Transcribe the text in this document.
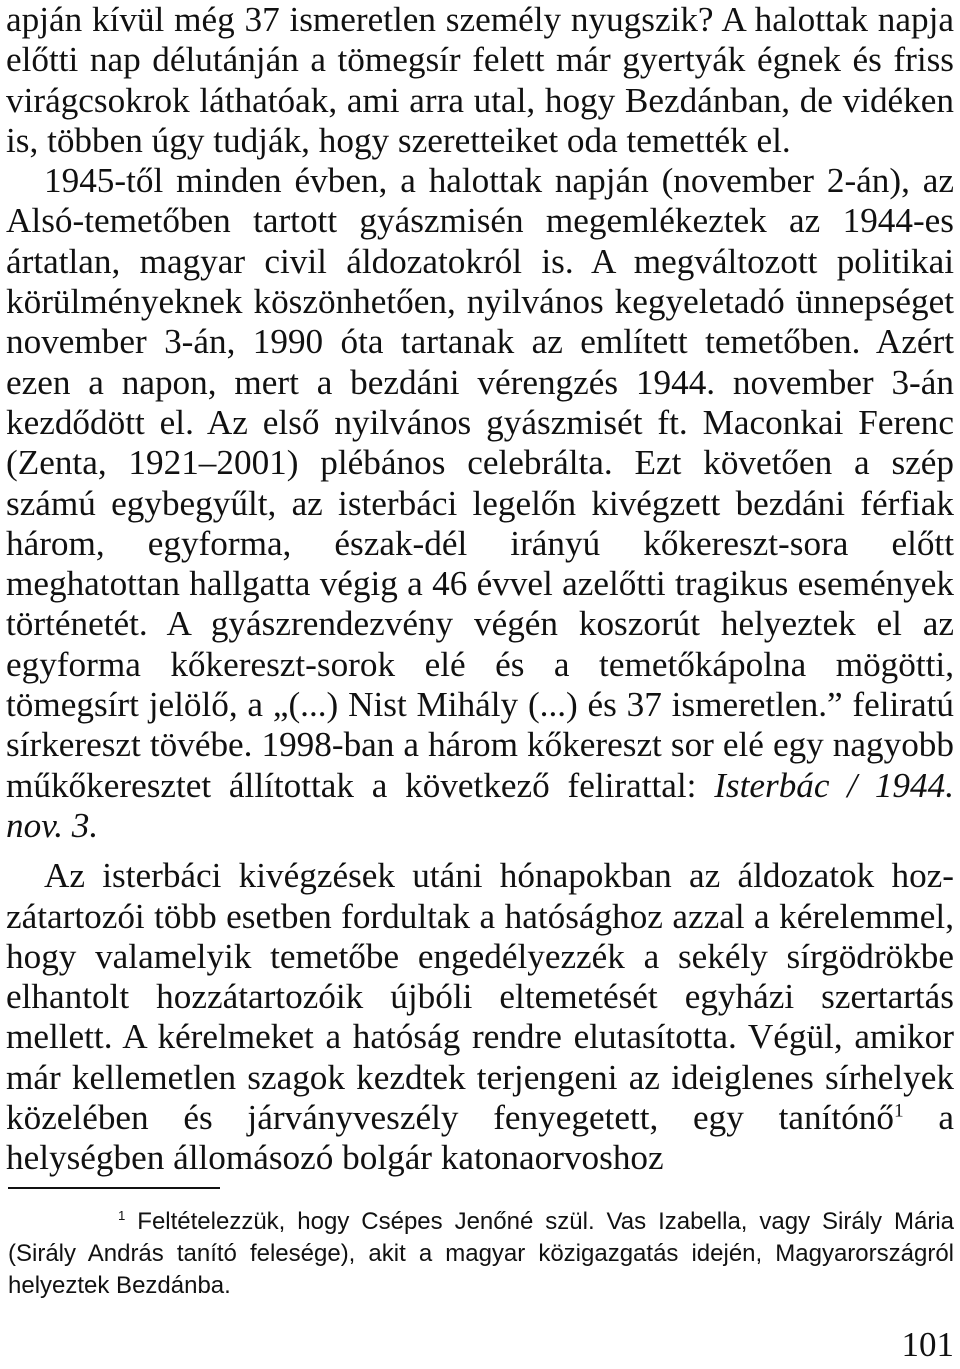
apján kívül még 37 ismeretlen személy nyugszik? A halottak napja előtti nap délutánján a tömegsír felett már gyertyák égnek és friss virágcsokrok láthatóak, ami arra utal, hogy Bezdánban, de vidéken is, többen úgy tudják, hogy szeretteiket oda temették el.

1945-től minden évben, a halottak napján (november 2-án), az Alsó-temetőben tartott gyászmisén megemlékeztek az 1944-es ártatlan, magyar civil áldozatokról is. A megváltozott politikai körülményeknek köszönhetően, nyilvános kegyeletadó ünnepséget november 3-án, 1990 óta tartanak az említett temetőben. Azért ezen a napon, mert a bezdáni vérengzés 1944. november 3-án kezdődött el. Az első nyilvános gyászmisét ft. Maconkai Ferenc (Zenta, 1921–2001) plébános celebrálta. Ezt követően a szép számú egybegyűlt, az isterbáci legelőn kivégzett bezdáni férfiak három, egyforma, észak-dél irányú kőkereszt-sora előtt meghatottan hallgatta végig a 46 évvel azelőtti tragikus események történetét. A gyászrendezvény végén koszorút helyeztek el az egyforma kőkereszt-sorok elé és a temetőkápolna mögötti, tömegsírt jelölő, a „(...) Nist Mihály (...) és 37 ismeretlen.” feliratú sírkereszt tövébe. 1998-ban a három kőkereszt sor elé egy nagyobb műkőkeresztet állítottak a következő felirattal: Isterbác / 1944. nov. 3.

Az isterbáci kivégzések utáni hónapokban az áldozatok hozzátartozói több esetben fordultak a hatósághoz azzal a kérelemmel, hogy valamelyik temetőbe engedélyezzék a sekély sírgödrökbe elhantolt hozzátartozóik újbóli eltemetését egyházi szertartás mellett. A kérelmeket a hatóság rendre elutasította. Végül, amikor már kellemetlen szagok kezdtek terjengeni az ideiglenes sírhelyek közelében és járványveszély fenyegetett, egy tanítónő$^1$ a helységben állomásozó bolgár katonaorvoshoz

$^1$ Feltételezzük, hogy Csépes Jenőné szül. Vas Izabella, vagy Sirály Mária (Sirály András tanító felesége), akit a magyar közigazgatás idején, Magyarországról helyeztek Bezdánba.
101
